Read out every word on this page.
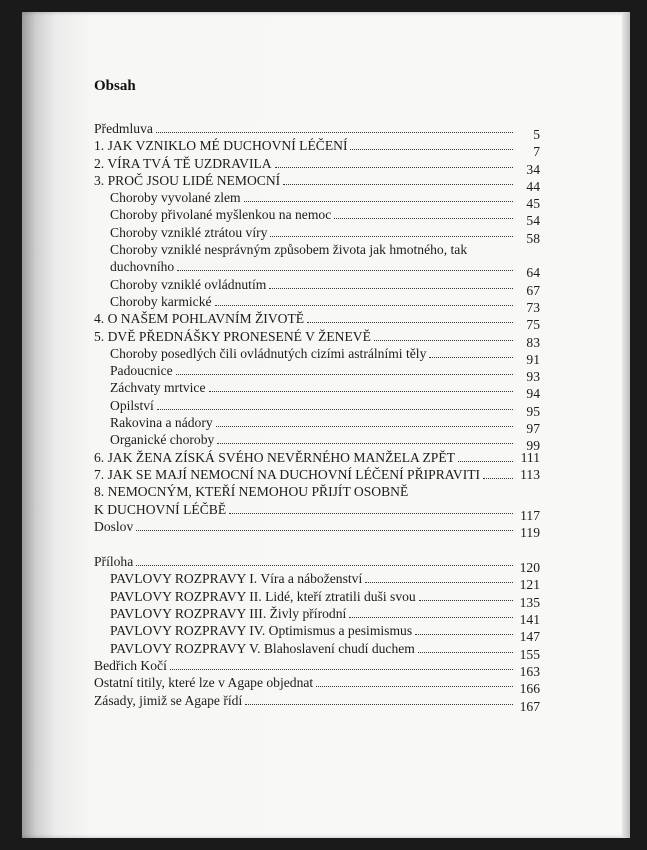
Obsah
Předmluva	5
1. JAK VZNIKLO MÉ DUCHOVNÍ LÉČENÍ	7
2. VÍRA TVÁ TĚ UZDRAVILA	34
3. PROČ JSOU LIDÉ NEMOCNÍ	44
Choroby vyvolané zlem	45
Choroby přivolané myšlenkou na nemoc	54
Choroby vzniklé ztrátou víry	58
Choroby vzniklé nesprávným způsobem života jak hmotného, tak
duchovního	64
Choroby vzniklé ovládnutím	67
Choroby karmické	73
4. O NAŠEM POHLAVNÍM ŽIVOTĚ	75
5. DVĚ PŘEDNÁŠKY PRONESENÉ V ŽENEVĚ	83
Choroby posedlých čili ovládnutých cizími astrálními těly	91
Padoucnice	93
Záchvaty mrtvice	94
Opilství	95
Rakovina a nádory	97
Organické choroby	99
6. JAK ŽENA ZÍSKÁ SVÉHO NEVĚRNÉHO MANŽELA ZPĚT	111
7. JAK SE MAJÍ NEMOCNÍ NA DUCHOVNÍ LÉČENÍ PŘIPRAVITI	113
8. NEMOCNÝM, KTEŘÍ NEMOHOU PŘIJÍT OSOBNĚ
K DUCHOVNÍ LÉČBĚ	117
Doslov	119
Příloha	120
PAVLOVY ROZPRAVY I. Víra a náboženství	121
PAVLOVY ROZPRAVY II. Lidé, kteří ztratili duši svou	135
PAVLOVY ROZPRAVY III. Živly přírodní	141
PAVLOVY ROZPRAVY IV. Optimismus a pesimismus	147
PAVLOVY ROZPRAVY V. Blahoslavení chudí duchem	155
Bedřich Kočí	163
Ostatní titily, které lze v Agape objednat	166
Zásady, jimiž se Agape řídí	167
